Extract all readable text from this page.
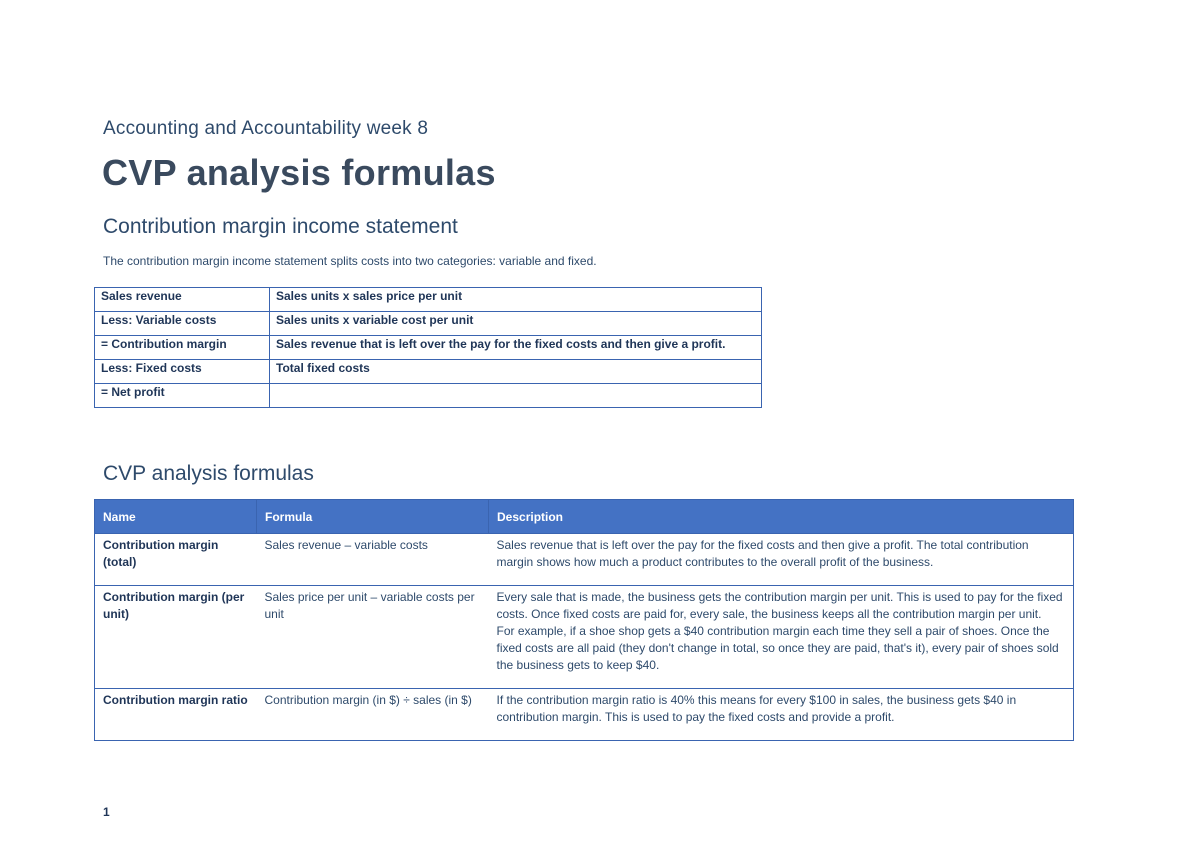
Accounting and Accountability week 8
CVP analysis formulas
Contribution margin income statement
The contribution margin income statement splits costs into two categories: variable and fixed.
Sales revenue	Sales units x sales price per unit
Less: Variable costs	Sales units x variable cost per unit
= Contribution margin	Sales revenue that is left over the pay for the fixed costs and then give a profit.
Less: Fixed costs	Total fixed costs
= Net profit	
CVP analysis formulas
Name	Formula	Description
Contribution margin (total)	Sales revenue – variable costs	Sales revenue that is left over the pay for the fixed costs and then give a profit. The total contribution margin shows how much a product contributes to the overall profit of the business.
Contribution margin (per unit)	Sales price per unit – variable costs per unit	Every sale that is made, the business gets the contribution margin per unit. This is used to pay for the fixed costs. Once fixed costs are paid for, every sale, the business keeps all the contribution margin per unit.
For example, if a shoe shop gets a $40 contribution margin each time they sell a pair of shoes. Once the fixed costs are all paid (they don't change in total, so once they are paid, that's it), every pair of shoes sold the business gets to keep $40.

Contribution margin ratio	Contribution margin (in $) ÷ sales (in $)	If the contribution margin ratio is 40% this means for every $100 in sales, the business gets $40 in contribution margin. This is used to pay the fixed costs and provide a profit.
1
